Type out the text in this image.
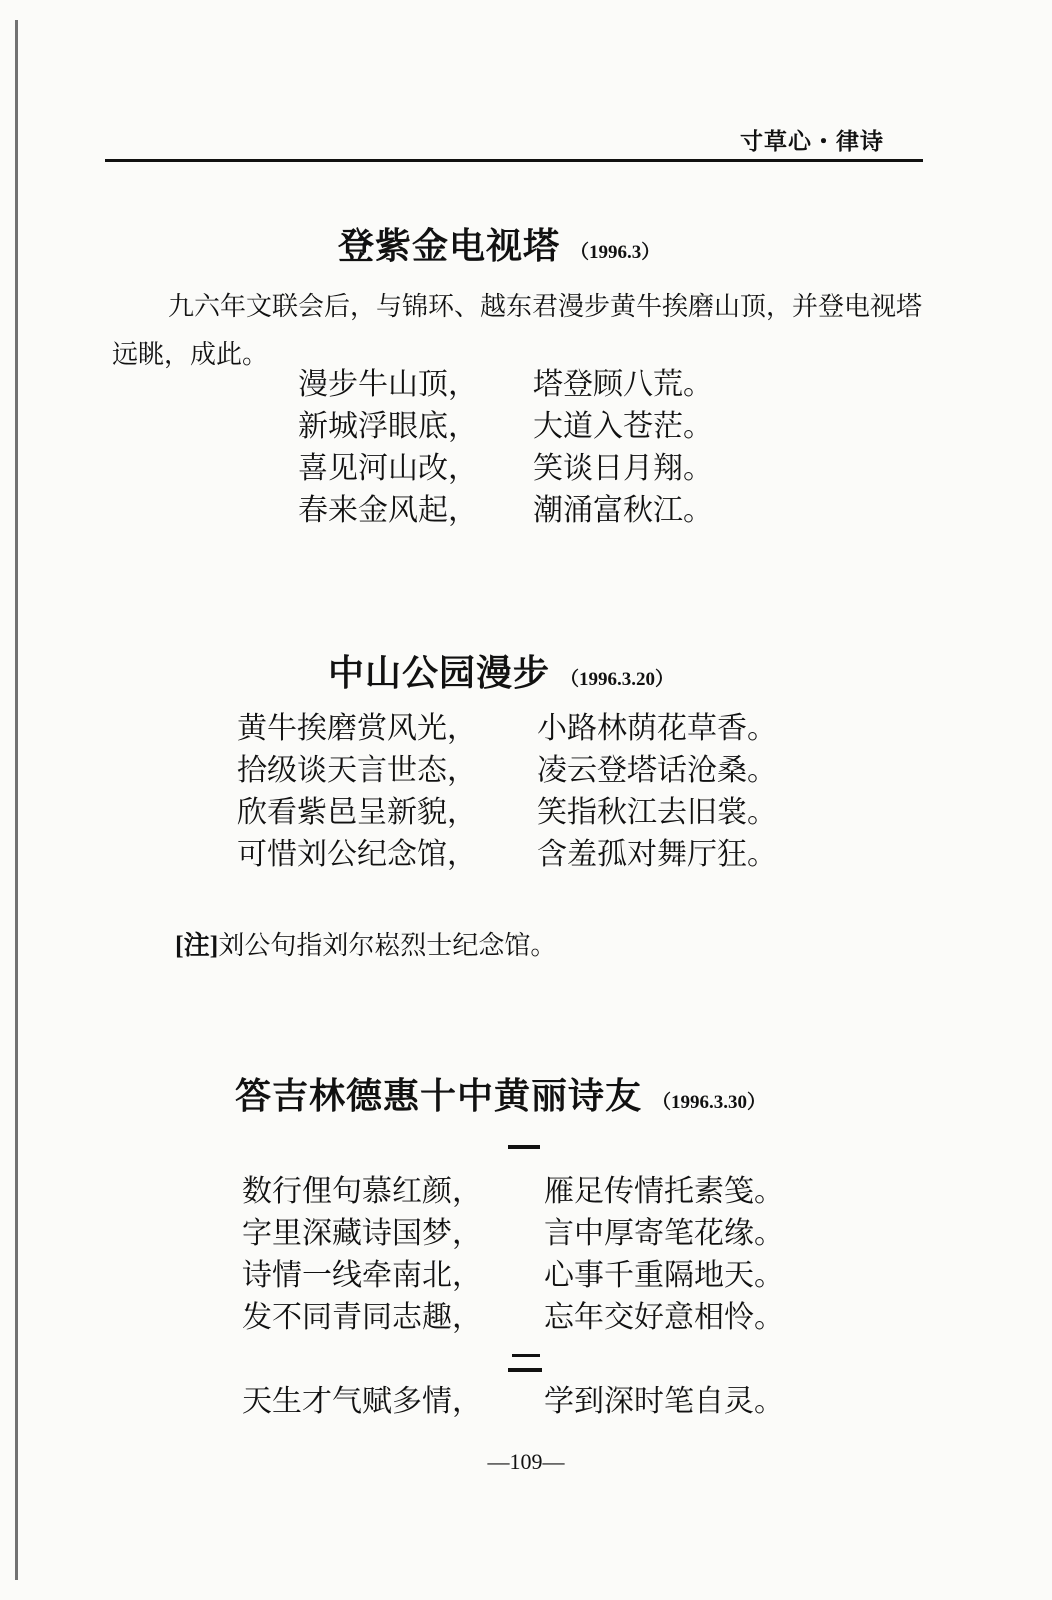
寸草心・律诗
登紫金电视塔 （1996.3）
九六年文联会后，与锦环、越东君漫步黄牛挨磨山顶，并登电视塔远眺，成此。
漫步牛山顶，
新城浮眼底，
喜见河山改，
春来金风起，
塔登顾八荒。
大道入苍茫。
笑谈日月翔。
潮涌富秋江。
中山公园漫步 （1996.3.20）
黄牛挨磨赏风光，
拾级谈天言世态，
欣看紫邑呈新貌，
可惜刘公纪念馆，
小路林荫花草香。
凌云登塔话沧桑。
笑指秋江去旧裳。
含羞孤对舞厅狂。
[注]刘公句指刘尔崧烈士纪念馆。
答吉林德惠十中黄丽诗友 （1996.3.30）
数行俚句慕红颜，
字里深藏诗国梦，
诗情一线牵南北，
发不同青同志趣，
雁足传情托素笺。
言中厚寄笔花缘。
心事千重隔地天。
忘年交好意相怜。
天生才气赋多情， 学到深时笔自灵。
—109—
